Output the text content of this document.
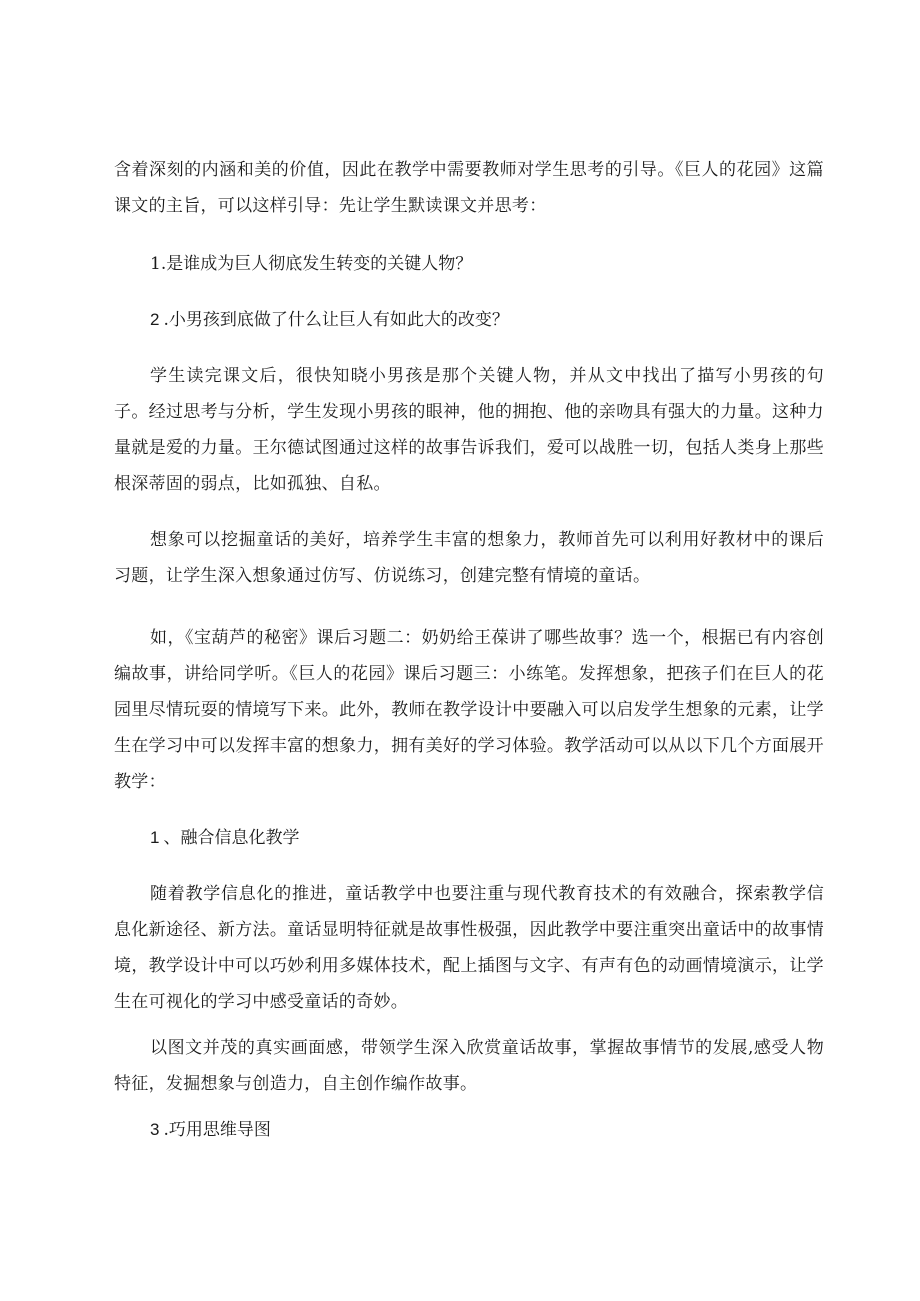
含着深刻的内涵和美的价值，因此在教学中需要教师对学生思考的引导。《巨人的花园》这篇课文的主旨，可以这样引导：先让学生默读课文并思考：

1.是谁成为巨人彻底发生转变的关键人物？

2 .小男孩到底做了什么让巨人有如此大的改变？

学生读完课文后，很快知晓小男孩是那个关键人物，并从文中找出了描写小男孩的句子。经过思考与分析，学生发现小男孩的眼神，他的拥抱、他的亲吻具有强大的力量。这种力量就是爱的力量。王尔德试图通过这样的故事告诉我们，爱可以战胜一切，包括人类身上那些根深蒂固的弱点，比如孤独、自私。

想象可以挖掘童话的美好，培养学生丰富的想象力，教师首先可以利用好教材中的课后习题，让学生深入想象通过仿写、仿说练习，创建完整有情境的童话。

如，《宝葫芦的秘密》课后习题二：奶奶给王葆讲了哪些故事？选一个，根据已有内容创编故事，讲给同学听。《巨人的花园》课后习题三：小练笔。发挥想象，把孩子们在巨人的花园里尽情玩耍的情境写下来。此外，教师在教学设计中要融入可以启发学生想象的元素，让学生在学习中可以发挥丰富的想象力，拥有美好的学习体验。教学活动可以从以下几个方面展开教学：

1 、融合信息化教学

随着教学信息化的推进，童话教学中也要注重与现代教育技术的有效融合，探索教学信息化新途径、新方法。童话显明特征就是故事性极强，因此教学中要注重突出童话中的故事情境，教学设计中可以巧妙利用多媒体技术，配上插图与文字、有声有色的动画情境演示，让学生在可视化的学习中感受童话的奇妙。

以图文并茂的真实画面感，带领学生深入欣赏童话故事，掌握故事情节的发展,感受人物特征，发掘想象与创造力，自主创作编作故事。

3 .巧用思维导图
